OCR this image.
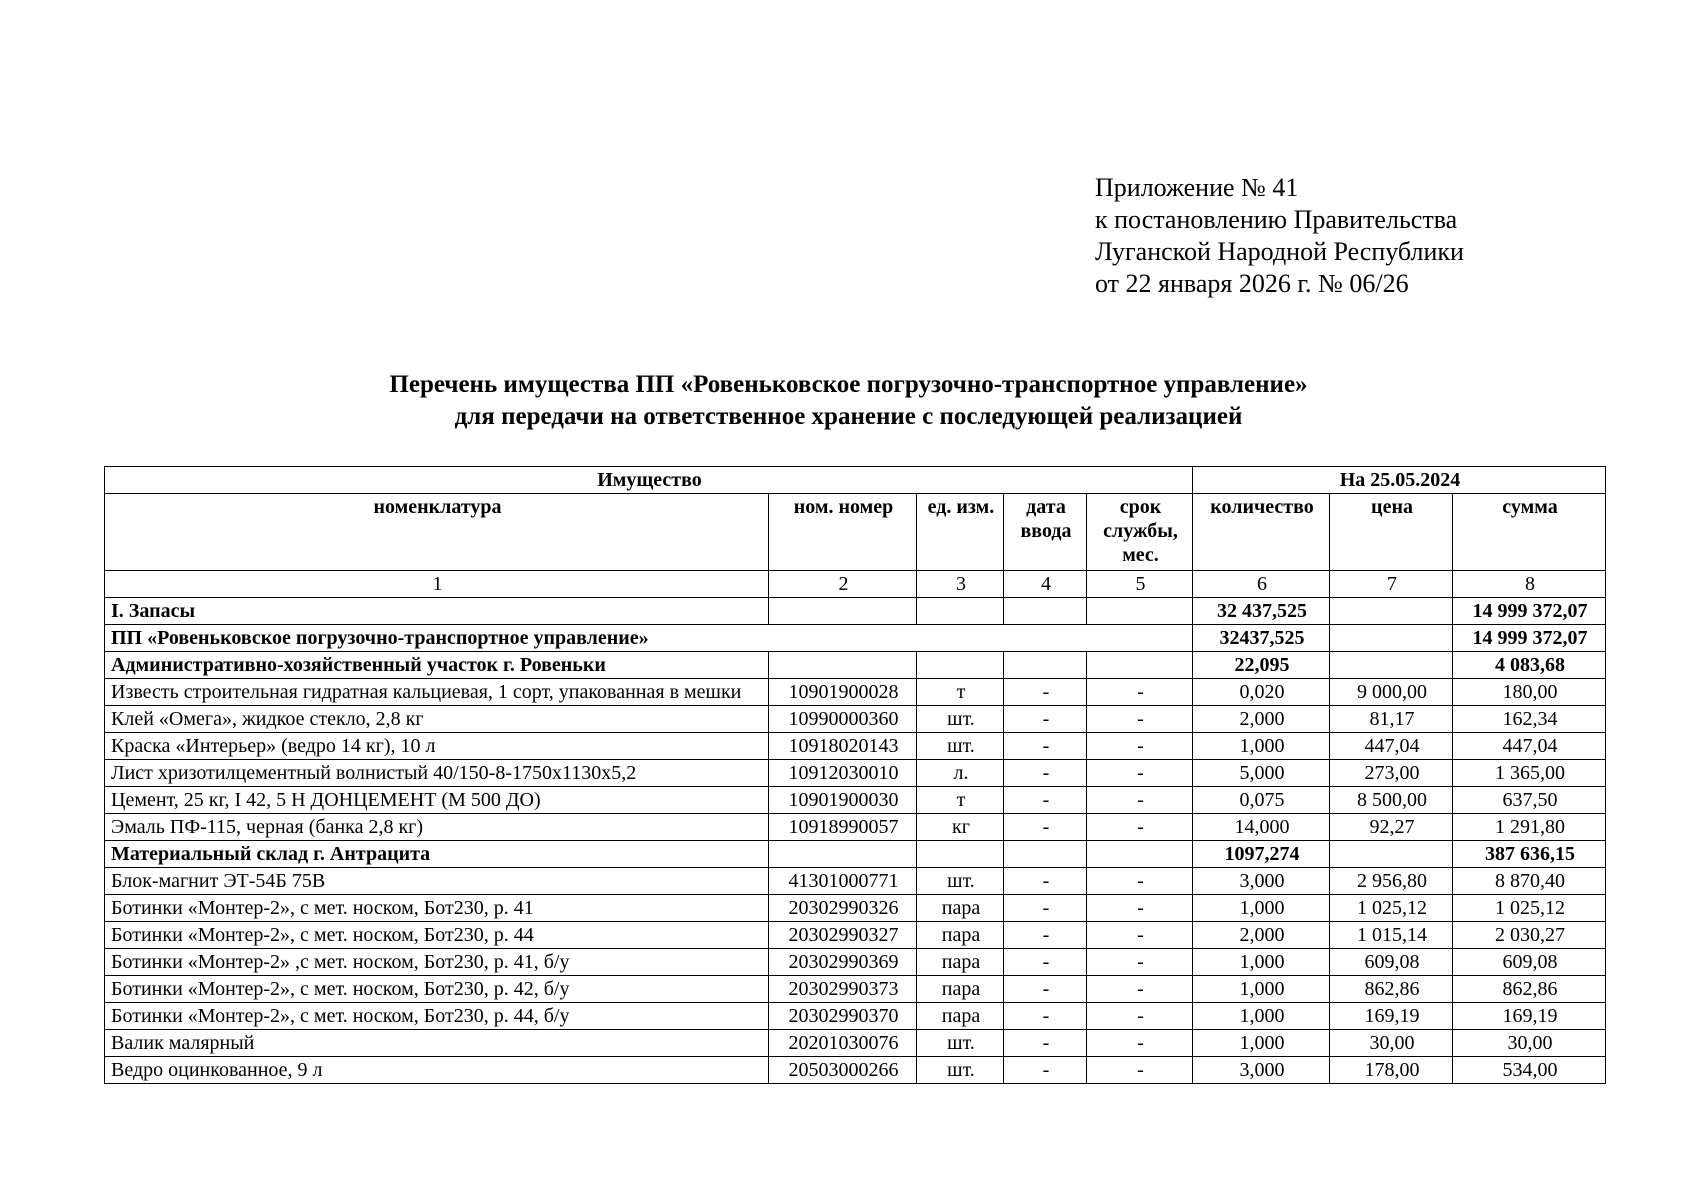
Приложение № 41
к постановлению Правительства
Луганской Народной Республики
от 22 января 2026 г. № 06/26
Перечень имущества ПП «Ровеньковское погрузочно-транспортное управление»
для передачи на ответственное хранение с последующей реализацией
Имущество					На 25.05.2024		
номенклатура	ном. номер	ед. изм.	дата ввода	срок службы, мес.	количество	цена	сумма
1	2	3	4	5	6	7	8
I. Запасы					32 437,525		14 999 372,07
ПП «Ровеньковское погрузочно-транспортное управление»					32437,525		14 999 372,07
Административно-хозяйственный участок г. Ровеньки					22,095		4 083,68
Известь строительная гидратная кальциевая, 1 сорт, упакованная в мешки	10901900028	т	-	-	0,020	9 000,00	180,00
Клей «Омега», жидкое стекло, 2,8 кг	10990000360	шт.	-	-	2,000	81,17	162,34
Краска «Интерьер» (ведро 14 кг), 10 л	10918020143	шт.	-	-	1,000	447,04	447,04
Лист хризотилцементный волнистый 40/150-8-1750х1130х5,2	10912030010	л.	-	-	5,000	273,00	1 365,00
Цемент, 25 кг, I 42, 5 Н ДОНЦЕМЕНТ (М 500 ДО)	10901900030	т	-	-	0,075	8 500,00	637,50
Эмаль ПФ-115, черная (банка 2,8 кг)	10918990057	кг	-	-	14,000	92,27	1 291,80
Материальный склад г. Антрацита					1097,274		387 636,15
Блок-магнит ЭТ-54Б 75В	41301000771	шт.	-	-	3,000	2 956,80	8 870,40
Ботинки «Монтер-2», с мет. носком, Бот230, р. 41	20302990326	пара	-	-	1,000	1 025,12	1 025,12
Ботинки «Монтер-2», с мет. носком, Бот230, р. 44	20302990327	пара	-	-	2,000	1 015,14	2 030,27
Ботинки «Монтер-2» ,с мет. носком, Бот230, р. 41, б/у	20302990369	пара	-	-	1,000	609,08	609,08
Ботинки «Монтер-2», с мет. носком, Бот230, р. 42, б/у	20302990373	пара	-	-	1,000	862,86	862,86
Ботинки «Монтер-2», с мет. носком, Бот230, р. 44, б/у	20302990370	пара	-	-	1,000	169,19	169,19
Валик малярный	20201030076	шт.	-	-	1,000	30,00	30,00
Ведро оцинкованное, 9 л	20503000266	шт.	-	-	3,000	178,00	534,00
